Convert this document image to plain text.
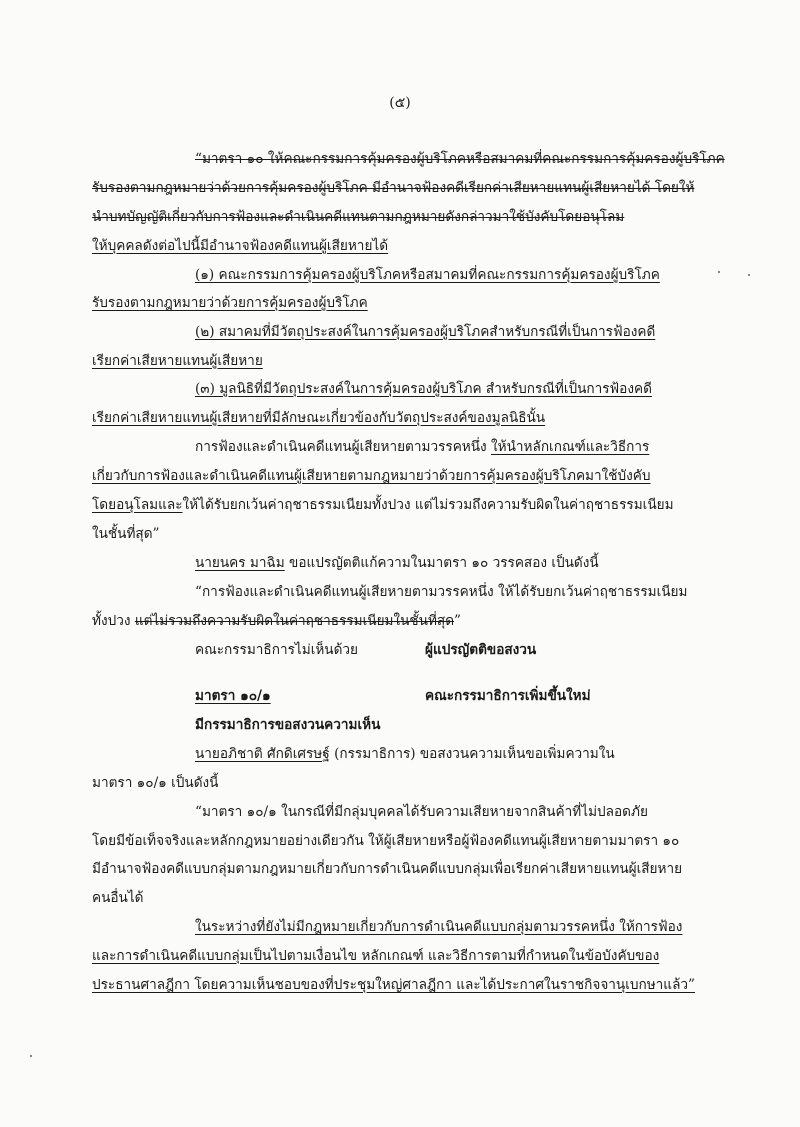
(๕)
“มาตรา ๑๐ ให้คณะกรรมการคุ้มครองผู้บริโภคหรือสมาคมที่คณะกรรมการคุ้มครองผู้บริโภค
รับรองตามกฎหมายว่าด้วยการคุ้มครองผู้บริโภค มีอำนาจฟ้องคดีเรียกค่าเสียหายแทนผู้เสียหายได้ โดยให้
นำบทบัญญัติเกี่ยวกับการฟ้องและดำเนินคดีแทนตามกฎหมายดังกล่าวมาใช้บังคับโดยอนุโลม
ให้บุคคลดังต่อไปนี้มีอำนาจฟ้องคดีแทนผู้เสียหายได้
(๑) คณะกรรมการคุ้มครองผู้บริโภคหรือสมาคมที่คณะกรรมการคุ้มครองผู้บริโภค
รับรองตามกฎหมายว่าด้วยการคุ้มครองผู้บริโภค
(๒) สมาคมที่มีวัตถุประสงค์ในการคุ้มครองผู้บริโภคสำหรับกรณีที่เป็นการฟ้องคดี
เรียกค่าเสียหายแทนผู้เสียหาย
(๓) มูลนิธิที่มีวัตถุประสงค์ในการคุ้มครองผู้บริโภค สำหรับกรณีที่เป็นการฟ้องคดี
เรียกค่าเสียหายแทนผู้เสียหายที่มีลักษณะเกี่ยวข้องกับวัตถุประสงค์ของมูลนิธินั้น
การฟ้องและดำเนินคดีแทนผู้เสียหายตามวรรคหนึ่ง ให้นำหลักเกณฑ์และวิธีการ
เกี่ยวกับการฟ้องและดำเนินคดีแทนผู้เสียหายตามกฎหมายว่าด้วยการคุ้มครองผู้บริโภคมาใช้บังคับ
โดยอนุโลมและให้ได้รับยกเว้นค่าฤชาธรรมเนียมทั้งปวง แต่ไม่รวมถึงความรับผิดในค่าฤชาธรรมเนียม
ในชั้นที่สุด”
นายนคร มาฉิม ขอแปรญัตติแก้ความในมาตรา ๑๐ วรรคสอง เป็นดังนี้
“การฟ้องและดำเนินคดีแทนผู้เสียหายตามวรรคหนึ่ง ให้ได้รับยกเว้นค่าฤชาธรรมเนียม
ทั้งปวง แต่ไม่รวมถึงความรับผิดในค่าฤชาธรรมเนียมในชั้นที่สุด”
คณะกรรมาธิการไม่เห็นด้วย	ผู้แปรญัตติขอสงวน
มาตรา ๑๐/๑	คณะกรรมาธิการเพิ่มขึ้นใหม่
มีกรรมาธิการขอสงวนความเห็น
นายอภิชาติ ศักดิเศรษฐ์ (กรรมาธิการ) ขอสงวนความเห็นขอเพิ่มความใน
มาตรา ๑๐/๑ เป็นดังนี้
“มาตรา ๑๐/๑ ในกรณีที่มีกลุ่มบุคคลได้รับความเสียหายจากสินค้าที่ไม่ปลอดภัย
โดยมีข้อเท็จจริงและหลักกฎหมายอย่างเดียวกัน ให้ผู้เสียหายหรือผู้ฟ้องคดีแทนผู้เสียหายตามมาตรา ๑๐
มีอำนาจฟ้องคดีแบบกลุ่มตามกฎหมายเกี่ยวกับการดำเนินคดีแบบกลุ่มเพื่อเรียกค่าเสียหายแทนผู้เสียหาย
คนอื่นได้
ในระหว่างที่ยังไม่มีกฎหมายเกี่ยวกับการดำเนินคดีแบบกลุ่มตามวรรคหนึ่ง ให้การฟ้อง
และการดำเนินคดีแบบกลุ่มเป็นไปตามเงื่อนไข หลักเกณฑ์ และวิธีการตามที่กำหนดในข้อบังคับของ
ประธานศาลฎีกา โดยความเห็นชอบของที่ประชุมใหญ่ศาลฎีกา และได้ประกาศในราชกิจจานุเบกษาแล้ว”
